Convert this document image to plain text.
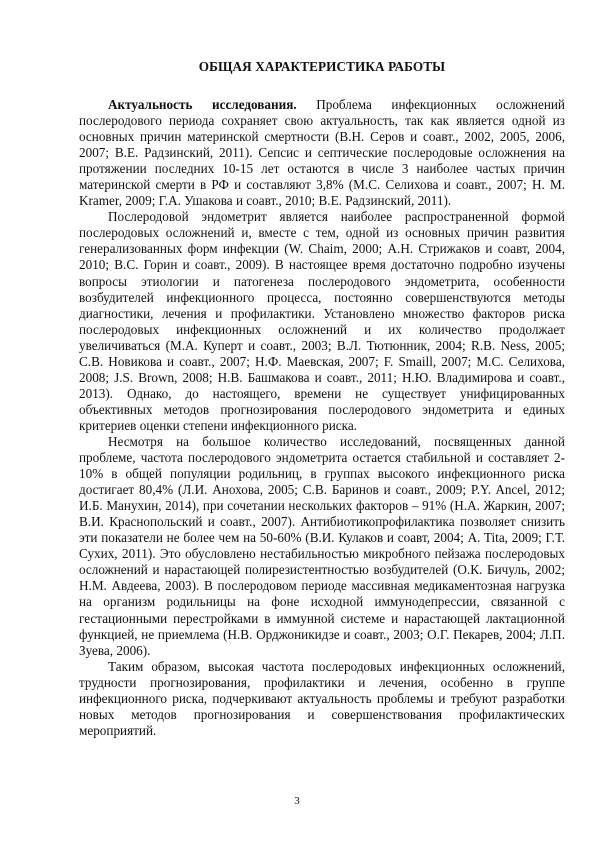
ОБЩАЯ ХАРАКТЕРИСТИКА РАБОТЫ

Актуальность исследования. Проблема инфекционных осложнений послеродового периода сохраняет свою актуальность, так как является одной из основных причин материнской смертности (В.Н. Серов и соавт., 2002, 2005, 2006, 2007; В.Е. Радзинский, 2011). Сепсис и септические послеродовые осложнения на протяжении последних 10-15 лет остаются в числе 3 наиболее частых причин материнской смерти в РФ и составляют 3,8% (М.С. Селихова и соавт., 2007; H. M. Kramer, 2009; Г.А. Ушакова и соавт., 2010; В.Е. Радзинский, 2011).

Послеродовой эндометрит является наиболее распространенной формой послеродовых осложнений и, вместе с тем, одной из основных причин развития генерализованных форм инфекции (W. Chaim, 2000; А.Н. Стрижаков и соавт, 2004, 2010; В.С. Горин и соавт., 2009). В настоящее время достаточно подробно изучены вопросы этиологии и патогенеза послеродового эндометрита, особенности возбудителей инфекционного процесса, постоянно совершенствуются методы диагностики, лечения и профилактики. Установлено множество факторов риска послеродовых инфекционных осложнений и их количество продолжает увеличиваться (М.А. Куперт и соавт., 2003; В.Л. Тютюнник, 2004; R.B. Ness, 2005; С.В. Новикова и соавт., 2007; Н.Ф. Маевская, 2007; F. Smaill, 2007; М.С. Селихова, 2008; J.S. Brown, 2008; Н.В. Башмакова и соавт., 2011; Н.Ю. Владимирова и соавт., 2013). Однако, до настоящего, времени не существует унифицированных объективных методов прогнозирования послеродового эндометрита и единых критериев оценки степени инфекционного риска.

Несмотря на большое количество исследований, посвященных данной проблеме, частота послеродового эндометрита остается стабильной и составляет 2-10% в общей популяции родильниц, в группах высокого инфекционного риска достигает 80,4% (Л.И. Анохова, 2005; С.В. Баринов и соавт., 2009; P.Y. Ancel, 2012; И.Б. Манухин, 2014), при сочетании нескольких факторов – 91% (Н.А. Жаркин, 2007; В.И. Краснопольский и соавт., 2007). Антибиотикопрофилактика позволяет снизить эти показатели не более чем на 50-60% (В.И. Кулаков и соавт, 2004; A. Tita, 2009; Г.Т. Сухих, 2011). Это обусловлено нестабильностью микробного пейзажа послеродовых осложнений и нарастающей полирезистентностью возбудителей (О.К. Бичуль, 2002; Н.М. Авдеева, 2003). В послеродовом периоде массивная медикаментозная нагрузка на организм родильницы на фоне исходной иммунодепрессии, связанной с гестационными перестройками в иммунной системе и нарастающей лактационной функцией, не приемлема (Н.В. Орджоникидзе и соавт., 2003; О.Г. Пекарев, 2004; Л.П. Зуева, 2006).

Таким образом, высокая частота послеродовых инфекционных осложнений, трудности прогнозирования, профилактики и лечения, особенно в группе инфекционного риска, подчеркивают актуальность проблемы и требуют разработки новых методов прогнозирования и совершенствования профилактических мероприятий.

3
